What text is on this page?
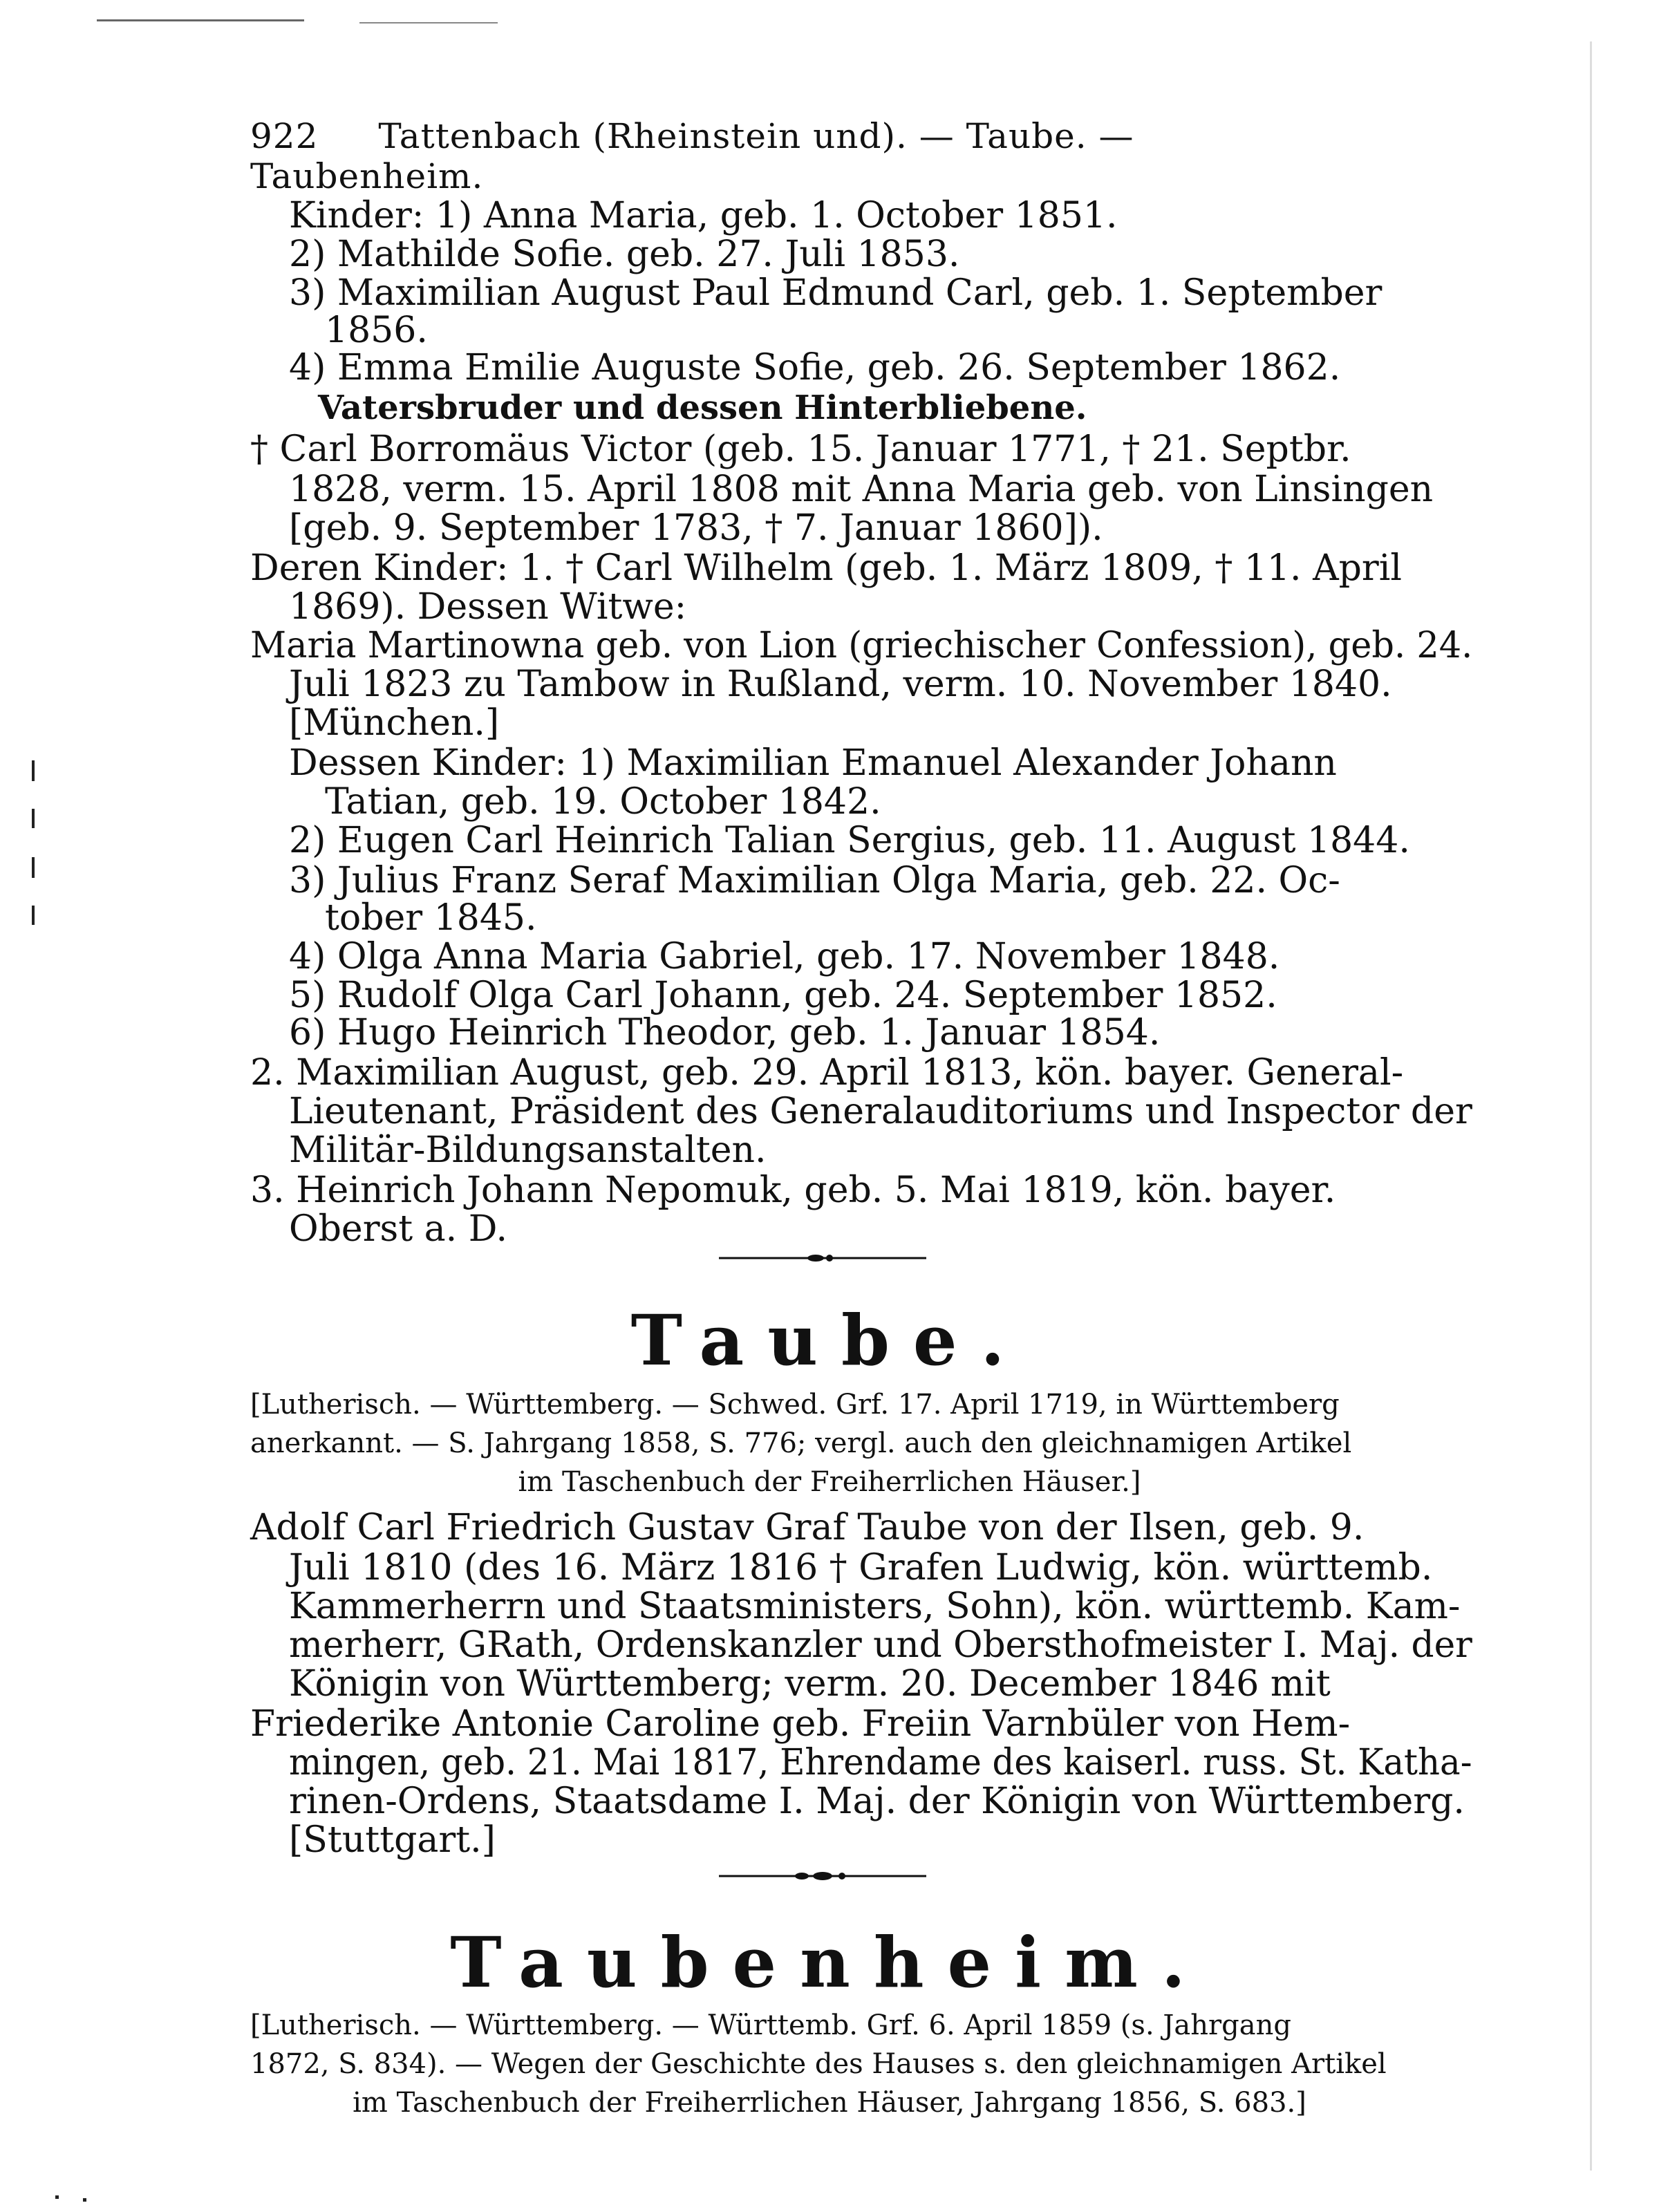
922 Tattenbach (Rheinstein und). — Taube. — Taubenheim.
Kinder: 1) Anna Maria, geb. 1. October 1851.
2) Mathilde Sofie. geb. 27. Juli 1853.
3) Maximilian August Paul Edmund Carl, geb. 1. September
1856.
4) Emma Emilie Auguste Sofie, geb. 26. September 1862.
Vatersbruder und dessen Hinterbliebene.
† Carl Borromäus Victor (geb. 15. Januar 1771, † 21. Septbr.
1828, verm. 15. April 1808 mit Anna Maria geb. von Linsingen
[geb. 9. September 1783, † 7. Januar 1860]).
Deren Kinder: 1. † Carl Wilhelm (geb. 1. März 1809, † 11. April
1869). Dessen Witwe:
Maria Martinowna geb. von Lion (griechischer Confession), geb. 24.
Juli 1823 zu Tambow in Rußland, verm. 10. November 1840.
[München.]
Dessen Kinder: 1) Maximilian Emanuel Alexander Johann
Tatian, geb. 19. October 1842.
2) Eugen Carl Heinrich Talian Sergius, geb. 11. August 1844.
3) Julius Franz Seraf Maximilian Olga Maria, geb. 22. Oc-
tober 1845.
4) Olga Anna Maria Gabriel, geb. 17. November 1848.
5) Rudolf Olga Carl Johann, geb. 24. September 1852.
6) Hugo Heinrich Theodor, geb. 1. Januar 1854.
2. Maximilian August, geb. 29. April 1813, kön. bayer. General-
Lieutenant, Präsident des Generalauditoriums und Inspector der
Militär-Bildungsanstalten.
3. Heinrich Johann Nepomuk, geb. 5. Mai 1819, kön. bayer.
Oberst a. D.
Taube.
[Lutherisch. — Württemberg. — Schwed. Grf. 17. April 1719, in Württemberg
anerkannt. — S. Jahrgang 1858, S. 776; vergl. auch den gleichnamigen Artikel
im Taschenbuch der Freiherrlichen Häuser.]
Adolf Carl Friedrich Gustav Graf Taube von der Ilsen, geb. 9.
Juli 1810 (des 16. März 1816 † Grafen Ludwig, kön. württemb.
Kammerherrn und Staatsministers, Sohn), kön. württemb. Kam-
merherr, GRath, Ordenskanzler und Obersthofmeister I. Maj. der
Königin von Württemberg; verm. 20. December 1846 mit
Friederike Antonie Caroline geb. Freiin Varnbüler von Hem-
mingen, geb. 21. Mai 1817, Ehrendame des kaiserl. russ. St. Katha-
rinen-Ordens, Staatsdame I. Maj. der Königin von Württemberg.
[Stuttgart.]
Taubenheim.
[Lutherisch. — Württemberg. — Württemb. Grf. 6. April 1859 (s. Jahrgang
1872, S. 834). — Wegen der Geschichte des Hauses s. den gleichnamigen Artikel
im Taschenbuch der Freiherrlichen Häuser, Jahrgang 1856, S. 683.]
